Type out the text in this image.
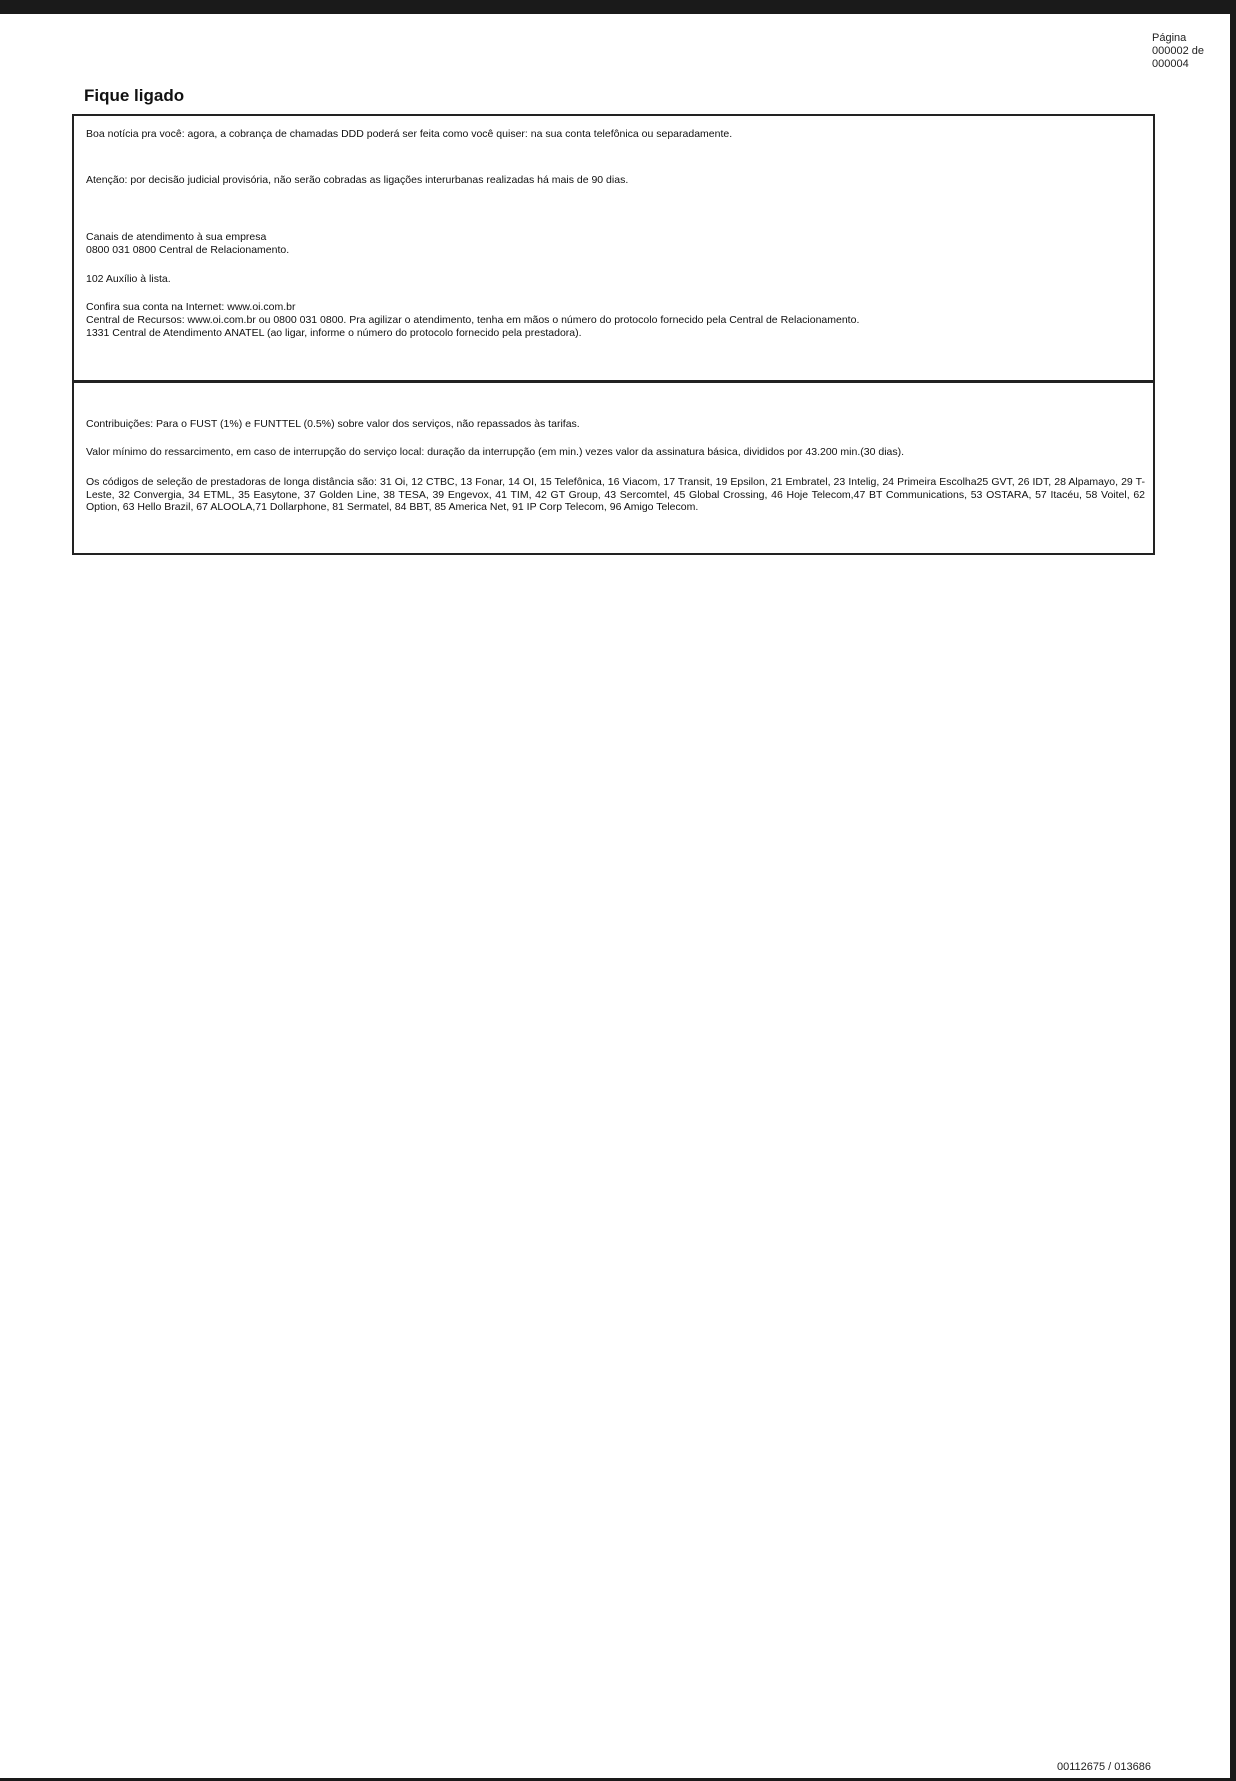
Página
000002 de
000004
Fique ligado

Boa notícia pra você: agora, a cobrança de chamadas DDD poderá ser feita como você quiser: na sua conta telefônica ou separadamente.

Atenção: por decisão judicial provisória, não serão cobradas as ligações interurbanas realizadas há mais de 90 dias.

Canais de atendimento à sua empresa

0800 031 0800 Central de Relacionamento.

102 Auxílio à lista.

Confira sua conta na Internet: www.oi.com.br

Central de Recursos: www.oi.com.br ou 0800 031 0800. Pra agilizar o atendimento, tenha em mãos o número do protocolo fornecido pela Central de Relacionamento.

1331 Central de Atendimento ANATEL (ao ligar, informe o número do protocolo fornecido pela prestadora).

Contribuições: Para o FUST (1%) e FUNTTEL (0.5%) sobre valor dos serviços, não repassados às tarifas.

Valor mínimo do ressarcimento, em caso de interrupção do serviço local: duração da interrupção (em min.) vezes valor da assinatura básica, divididos por 43.200 min.(30 dias).

Os códigos de seleção de prestadoras de longa distância são: 31 Oi, 12 CTBC, 13 Fonar, 14 OI, 15 Telefônica, 16 Viacom, 17 Transit, 19 Epsilon, 21 Embratel, 23 Intelig, 24 Primeira Escolha25 GVT, 26 IDT, 28 Alpamayo, 29 T-Leste, 32 Convergia, 34 ETML, 35 Easytone, 37 Golden Line, 38 TESA, 39 Engevox, 41 TIM, 42 GT Group, 43 Sercomtel, 45 Global Crossing, 46 Hoje Telecom,47 BT Communications, 53 OSTARA, 57 Itacéu, 58 Voitel, 62 Option, 63 Hello Brazil, 67 ALOOLA,71 Dollarphone, 81 Sermatel, 84 BBT, 85 America Net, 91 IP Corp Telecom, 96 Amigo Telecom.

00112675 / 013686
